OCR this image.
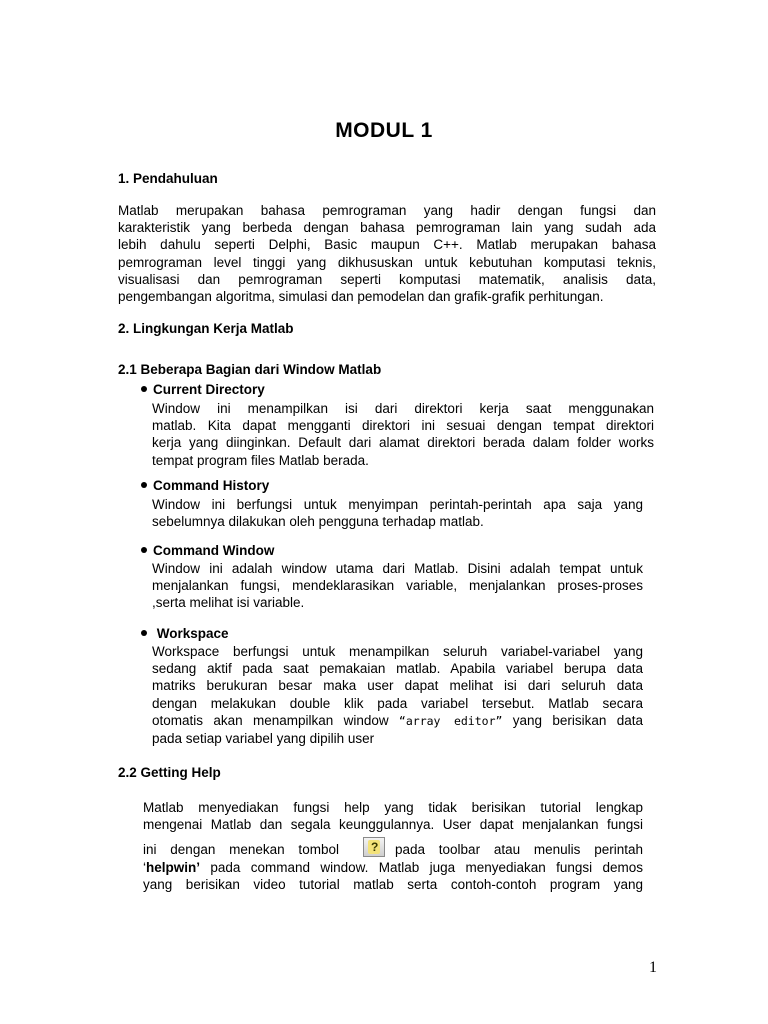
MODUL 1
1. Pendahuluan
Matlab merupakan bahasa pemrograman yang hadir dengan fungsi dan
karakteristik yang berbeda dengan bahasa pemrograman lain yang sudah ada
lebih dahulu seperti Delphi, Basic maupun C++. Matlab merupakan bahasa
pemrograman level tinggi yang dikhususkan untuk kebutuhan komputasi teknis,
visualisasi dan pemrograman seperti komputasi matematik, analisis data,
pengembangan algoritma, simulasi dan pemodelan dan grafik-grafik perhitungan.
2. Lingkungan Kerja Matlab
2.1 Beberapa Bagian dari Window Matlab
Current Directory
Window ini menampilkan isi dari direktori kerja saat menggunakan
matlab. Kita dapat mengganti direktori ini sesuai dengan tempat direktori
kerja yang diinginkan. Default dari alamat direktori berada dalam folder works
tempat program files Matlab berada.
Command History
Window ini berfungsi untuk menyimpan perintah-perintah apa saja yang
sebelumnya dilakukan oleh pengguna terhadap matlab.
Command Window
Window ini adalah window utama dari Matlab. Disini adalah tempat untuk
menjalankan fungsi, mendeklarasikan variable, menjalankan proses-proses
,serta melihat isi variable.
Workspace
Workspace berfungsi untuk menampilkan seluruh variabel-variabel yang
sedang aktif pada saat pemakaian matlab. Apabila variabel berupa data
matriks berukuran besar maka user dapat melihat isi dari seluruh data
dengan melakukan double klik pada variabel tersebut. Matlab secara
otomatis akan menampilkan window “array editor” yang berisikan data
pada setiap variabel yang dipilih user
2.2 Getting Help
Matlab menyediakan fungsi help yang tidak berisikan tutorial lengkap
mengenai Matlab dan segala keunggulannya. User dapat menjalankan fungsi
ini dengan menekan tombol	? pada toolbar atau menulis perintah
‘helpwin’ pada command window. Matlab juga menyediakan fungsi demos
yang berisikan video tutorial matlab serta contoh-contoh program yang
1
